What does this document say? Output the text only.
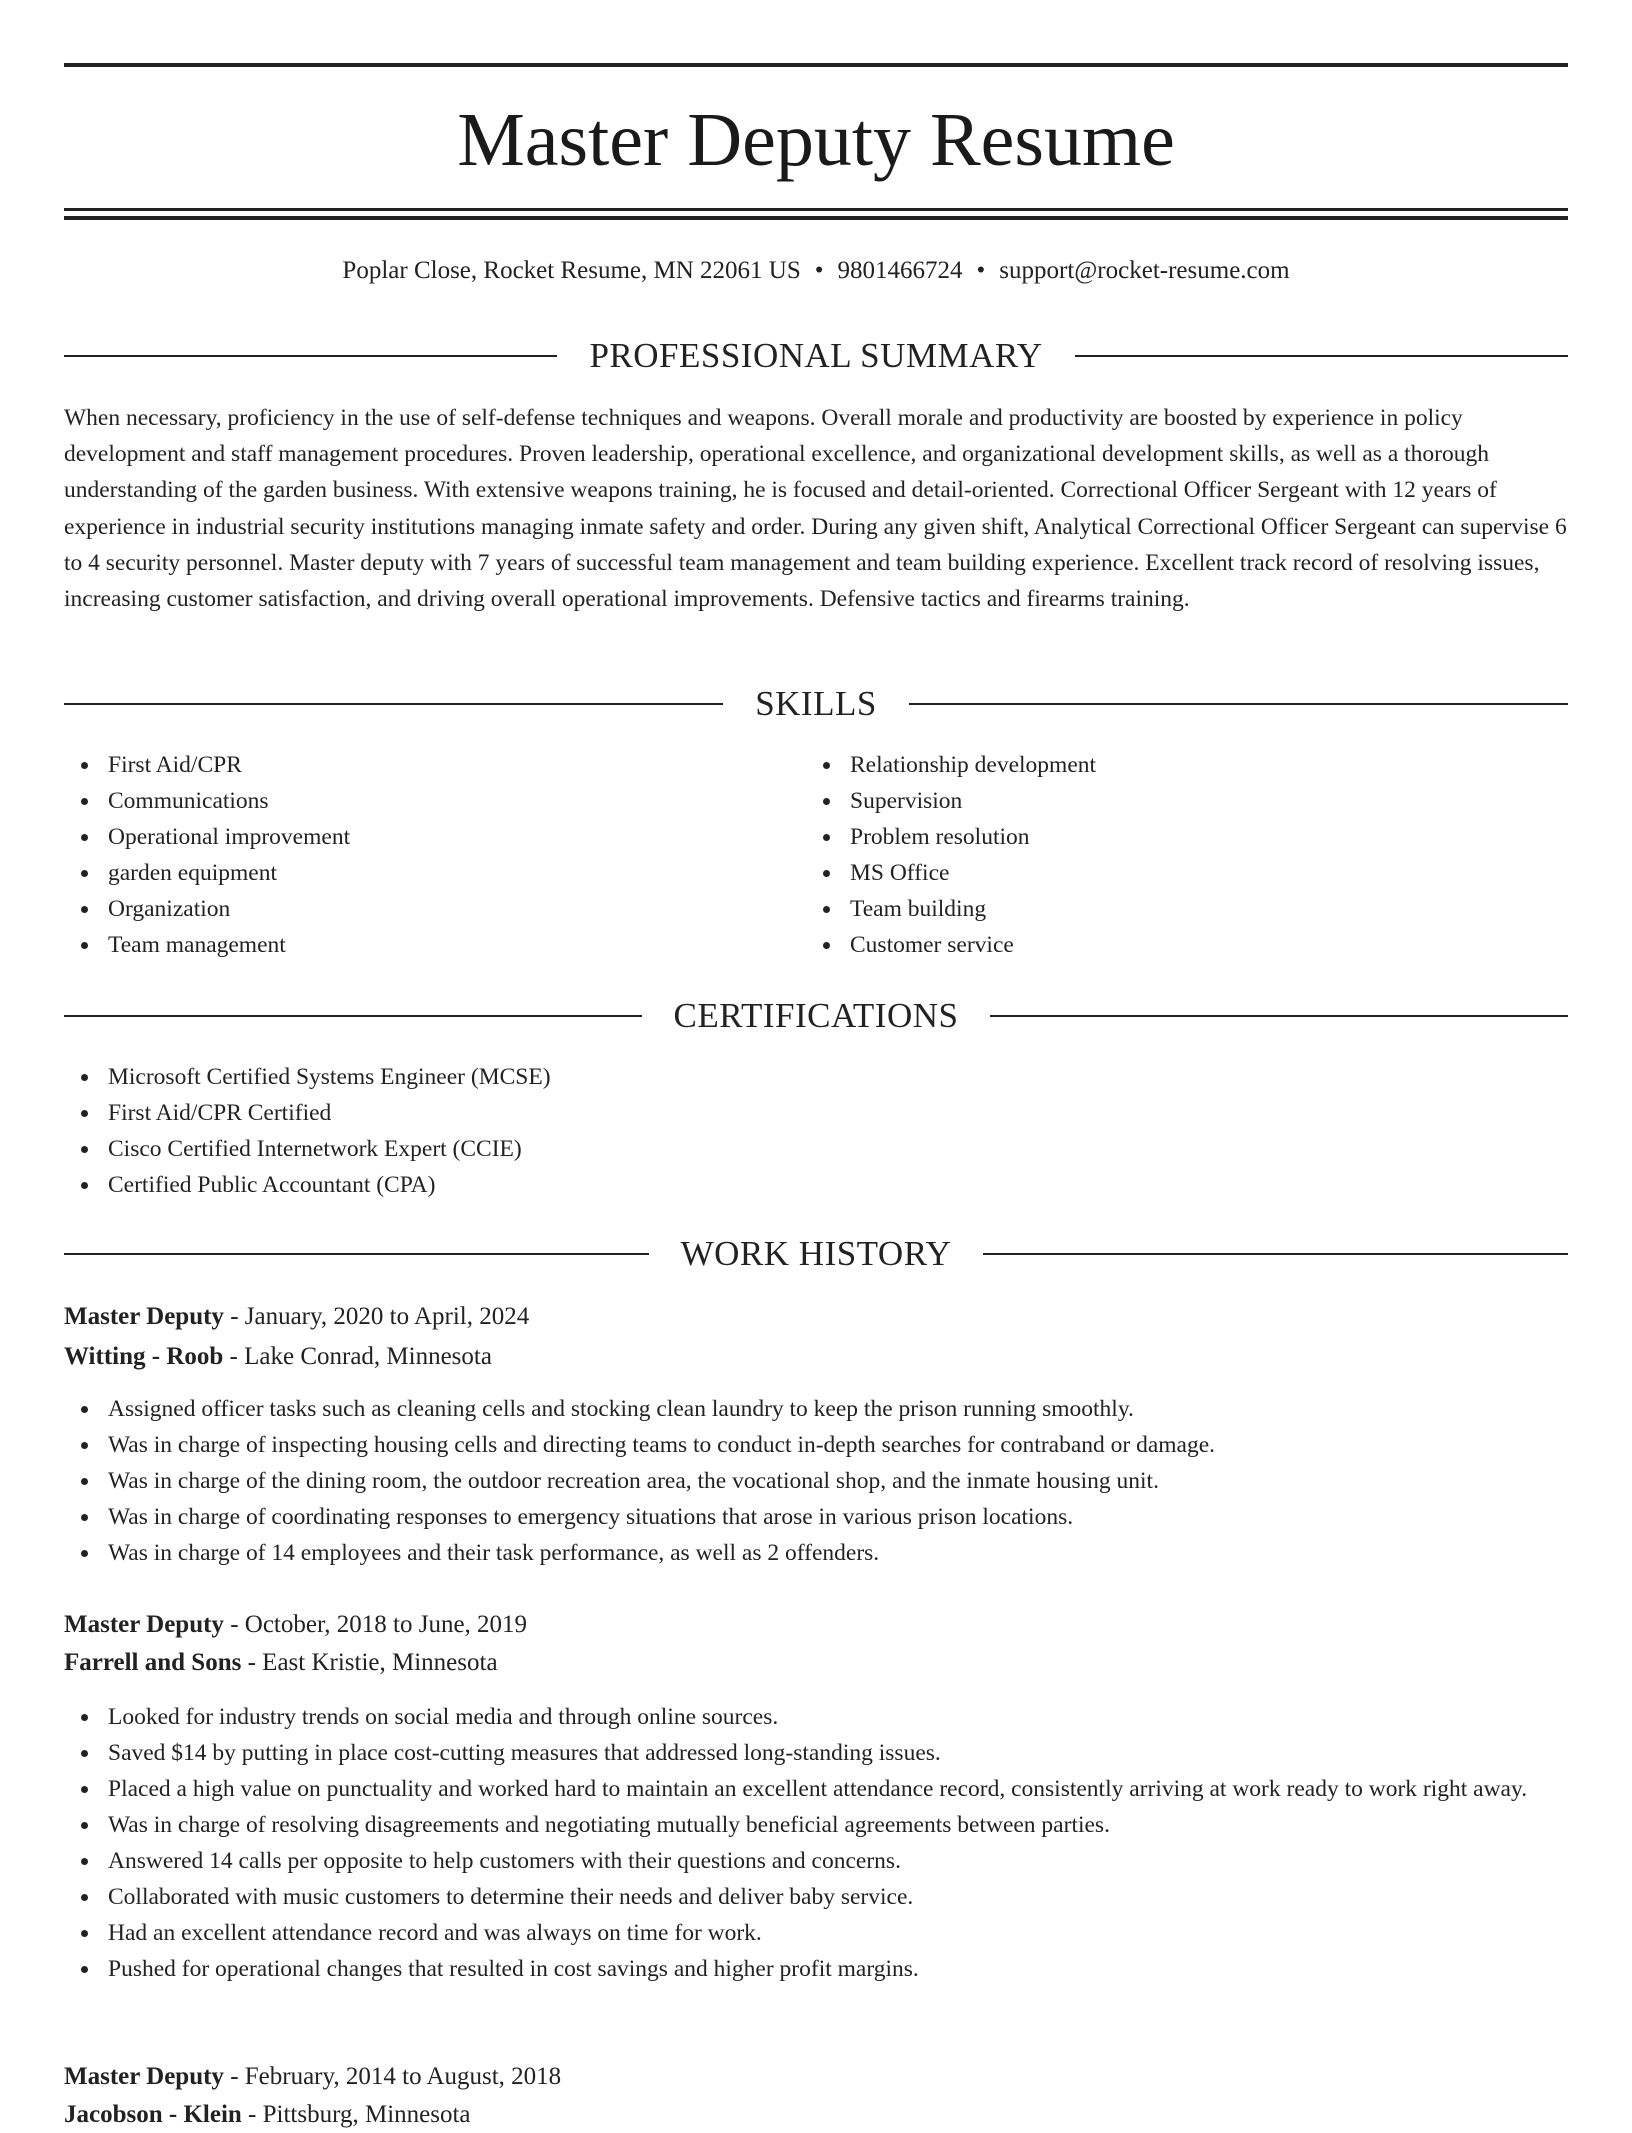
Master Deputy Resume
Poplar Close, Rocket Resume, MN 22061 US • 9801466724 • support@rocket-resume.com
PROFESSIONAL SUMMARY

When necessary, proficiency in the use of self-defense techniques and weapons. Overall morale and productivity are boosted by experience in policy development and staff management procedures. Proven leadership, operational excellence, and organizational development skills, as well as a thorough understanding of the garden business. With extensive weapons training, he is focused and detail-oriented. Correctional Officer Sergeant with 12 years of experience in industrial security institutions managing inmate safety and order. During any given shift, Analytical Correctional Officer Sergeant can supervise 6 to 4 security personnel. Master deputy with 7 years of successful team management and team building experience. Excellent track record of resolving issues, increasing customer satisfaction, and driving overall operational improvements. Defensive tactics and firearms training.

SKILLS
First Aid/CPR
Communications
Operational improvement
garden equipment
Organization
Team management
Relationship development
Supervision
Problem resolution
MS Office
Team building
Customer service
CERTIFICATIONS
Microsoft Certified Systems Engineer (MCSE)
First Aid/CPR Certified
Cisco Certified Internetwork Expert (CCIE)
Certified Public Accountant (CPA)
WORK HISTORY

Master Deputy - January, 2020 to April, 2024

Witting - Roob - Lake Conrad, Minnesota

Assigned officer tasks such as cleaning cells and stocking clean laundry to keep the prison running smoothly.
Was in charge of inspecting housing cells and directing teams to conduct in-depth searches for contraband or damage.
Was in charge of the dining room, the outdoor recreation area, the vocational shop, and the inmate housing unit.
Was in charge of coordinating responses to emergency situations that arose in various prison locations.
Was in charge of 14 employees and their task performance, as well as 2 offenders.

Master Deputy - October, 2018 to June, 2019

Farrell and Sons - East Kristie, Minnesota

Looked for industry trends on social media and through online sources.
Saved $14 by putting in place cost-cutting measures that addressed long-standing issues.
Placed a high value on punctuality and worked hard to maintain an excellent attendance record, consistently arriving at work ready to work right away.
Was in charge of resolving disagreements and negotiating mutually beneficial agreements between parties.
Answered 14 calls per opposite to help customers with their questions and concerns.
Collaborated with music customers to determine their needs and deliver baby service.
Had an excellent attendance record and was always on time for work.
Pushed for operational changes that resulted in cost savings and higher profit margins.

Master Deputy - February, 2014 to August, 2018

Jacobson - Klein - Pittsburg, Minnesota
